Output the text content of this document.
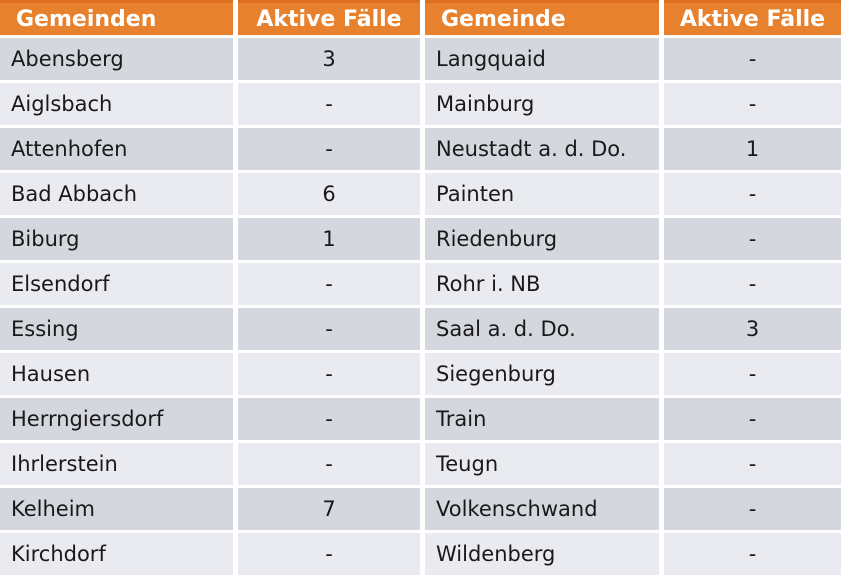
Gemeinden	Aktive Fälle	Gemeinde	Aktive Fälle
Abensberg	3	Langquaid	-
Aiglsbach	-	Mainburg	-
Attenhofen	-	Neustadt a. d. Do.	1
Bad Abbach	6	Painten	-
Biburg	1	Riedenburg	-
Elsendorf	-	Rohr i. NB	-
Essing	-	Saal a. d. Do.	3
Hausen	-	Siegenburg	-
Herrngiersdorf	-	Train	-
Ihrlerstein	-	Teugn	-
Kelheim	7	Volkenschwand	-
Kirchdorf	-	Wildenberg	-
